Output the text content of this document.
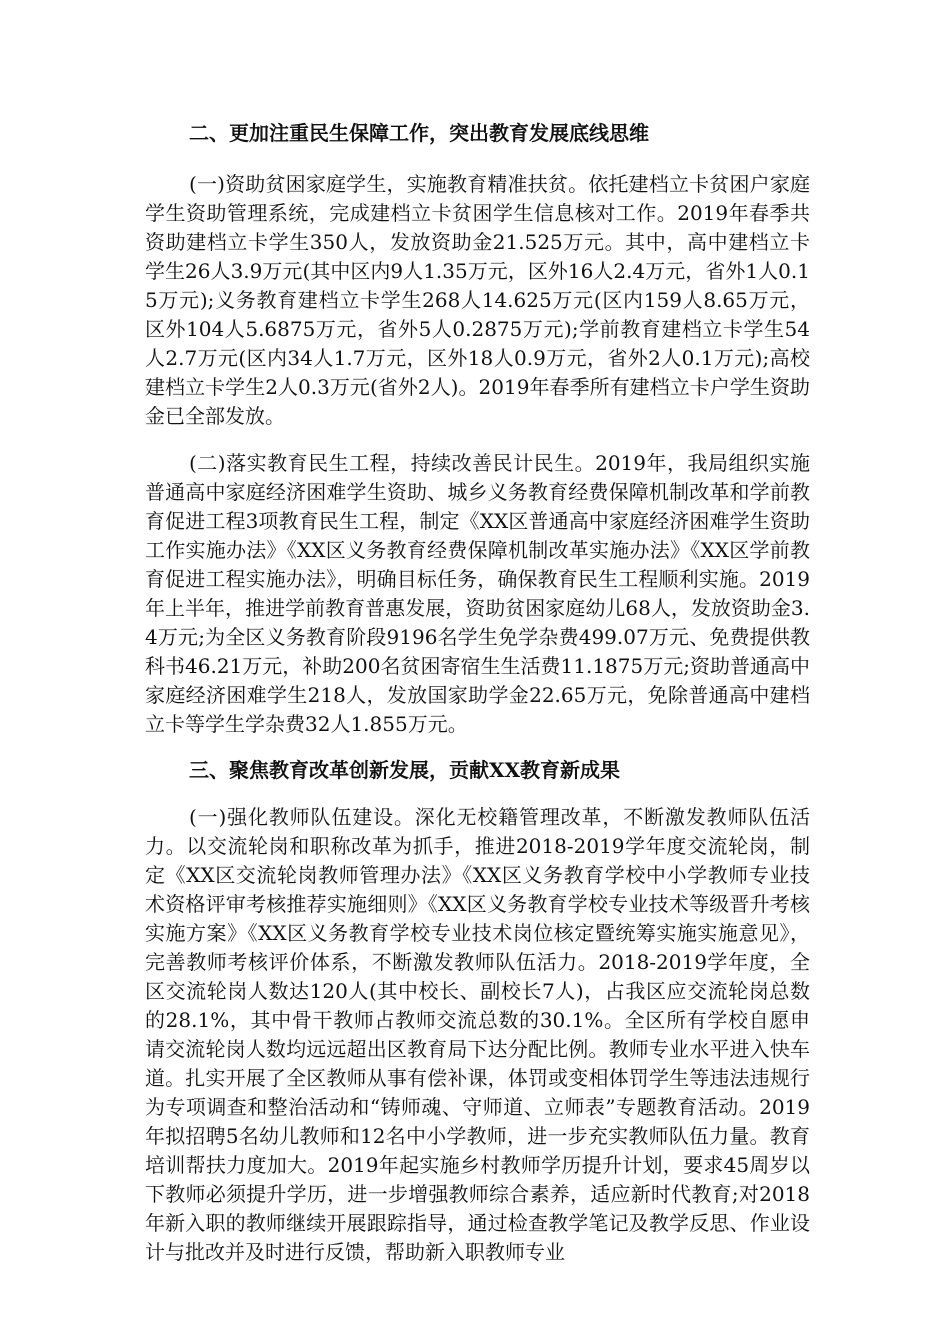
二、更加注重民生保障工作，突出教育发展底线思维

(一)资助贫困家庭学生，实施教育精准扶贫。依托建档立卡贫困户家庭学生资助管理系统，完成建档立卡贫困学生信息核对工作。2019年春季共资助建档立卡学生350人，发放资助金21.525万元。其中，高中建档立卡学生26人3.9万元(其中区内9人1.35万元，区外16人2.4万元，省外1人0.15万元);义务教育建档立卡学生268人14.625万元(区内159人8.65万元，区外104人5.6875万元，省外5人0.2875万元);学前教育建档立卡学生54人2.7万元(区内34人1.7万元，区外18人0.9万元，省外2人0.1万元);高校建档立卡学生2人0.3万元(省外2人)。2019年春季所有建档立卡户学生资助金已全部发放。

(二)落实教育民生工程，持续改善民计民生。2019年，我局组织实施普通高中家庭经济困难学生资助、城乡义务教育经费保障机制改革和学前教育促进工程3项教育民生工程，制定《XX区普通高中家庭经济困难学生资助工作实施办法》《XX区义务教育经费保障机制改革实施办法》《XX区学前教育促进工程实施办法》，明确目标任务，确保教育民生工程顺利实施。2019年上半年，推进学前教育普惠发展，资助贫困家庭幼儿68人，发放资助金3.4万元;为全区义务教育阶段9196名学生免学杂费499.07万元、免费提供教科书46.21万元，补助200名贫困寄宿生生活费11.1875万元;资助普通高中家庭经济困难学生218人，发放国家助学金22.65万元，免除普通高中建档立卡等学生学杂费32人1.855万元。

三、聚焦教育改革创新发展，贡献XX教育新成果

(一)强化教师队伍建设。深化无校籍管理改革，不断激发教师队伍活力。以交流轮岗和职称改革为抓手，推进2018-2019学年度交流轮岗，制定《XX区交流轮岗教师管理办法》《XX区义务教育学校中小学教师专业技术资格评审考核推荐实施细则》《XX区义务教育学校专业技术等级晋升考核实施方案》《XX区义务教育学校专业技术岗位核定暨统筹实施实施意见》，完善教师考核评价体系，不断激发教师队伍活力。2018-2019学年度，全区交流轮岗人数达120人(其中校长、副校长7人)，占我区应交流轮岗总数的28.1%，其中骨干教师占教师交流总数的30.1%。全区所有学校自愿申请交流轮岗人数均远远超出区教育局下达分配比例。教师专业水平进入快车道。扎实开展了全区教师从事有偿补课，体罚或变相体罚学生等违法违规行为专项调查和整治活动和“铸师魂、守师道、立师表”专题教育活动。2019年拟招聘5名幼儿教师和12名中小学教师，进一步充实教师队伍力量。教育培训帮扶力度加大。2019年起实施乡村教师学历提升计划，要求45周岁以下教师必须提升学历，进一步增强教师综合素养，适应新时代教育;对2018年新入职的教师继续开展跟踪指导，通过检查教学笔记及教学反思、作业设计与批改并及时进行反馈，帮助新入职教师专业
